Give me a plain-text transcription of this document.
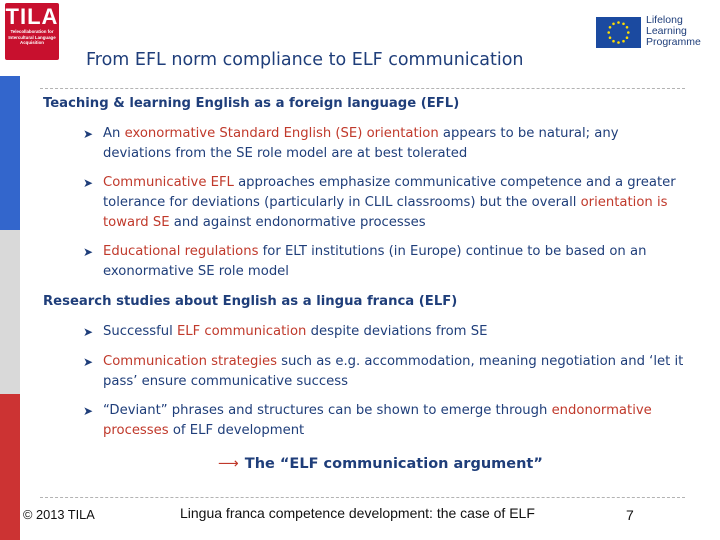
TILA
Telecollaboration for Intercultural Language Acquisition
From EFL norm compliance to ELF communication
Lifelong
Learning
Programme
Teaching & learning English as a foreign language (EFL)
➤ An exonormative Standard English (SE) orientation appears to be natural; any deviations from the SE role model are at best tolerated
➤ Communicative EFL approaches emphasize communicative competence and a greater tolerance for deviations (particularly in CLIL classrooms) but the overall orientation is toward SE and against endonormative processes
➤ Educational regulations for ELT institutions (in Europe) continue to be based on an exonormative SE role model
Research studies about English as a lingua franca (ELF)
➤ Successful ELF communication despite deviations from SE
➤ Communication strategies such as e.g. accommodation, meaning negotiation and ‘let it pass’ ensure communicative success
➤ “Deviant” phrases and structures can be shown to emerge through endonormative processes of ELF development
⟶ The “ELF communication argument”
© 2013 TILA	Lingua franca competence development: the case of ELF	7
